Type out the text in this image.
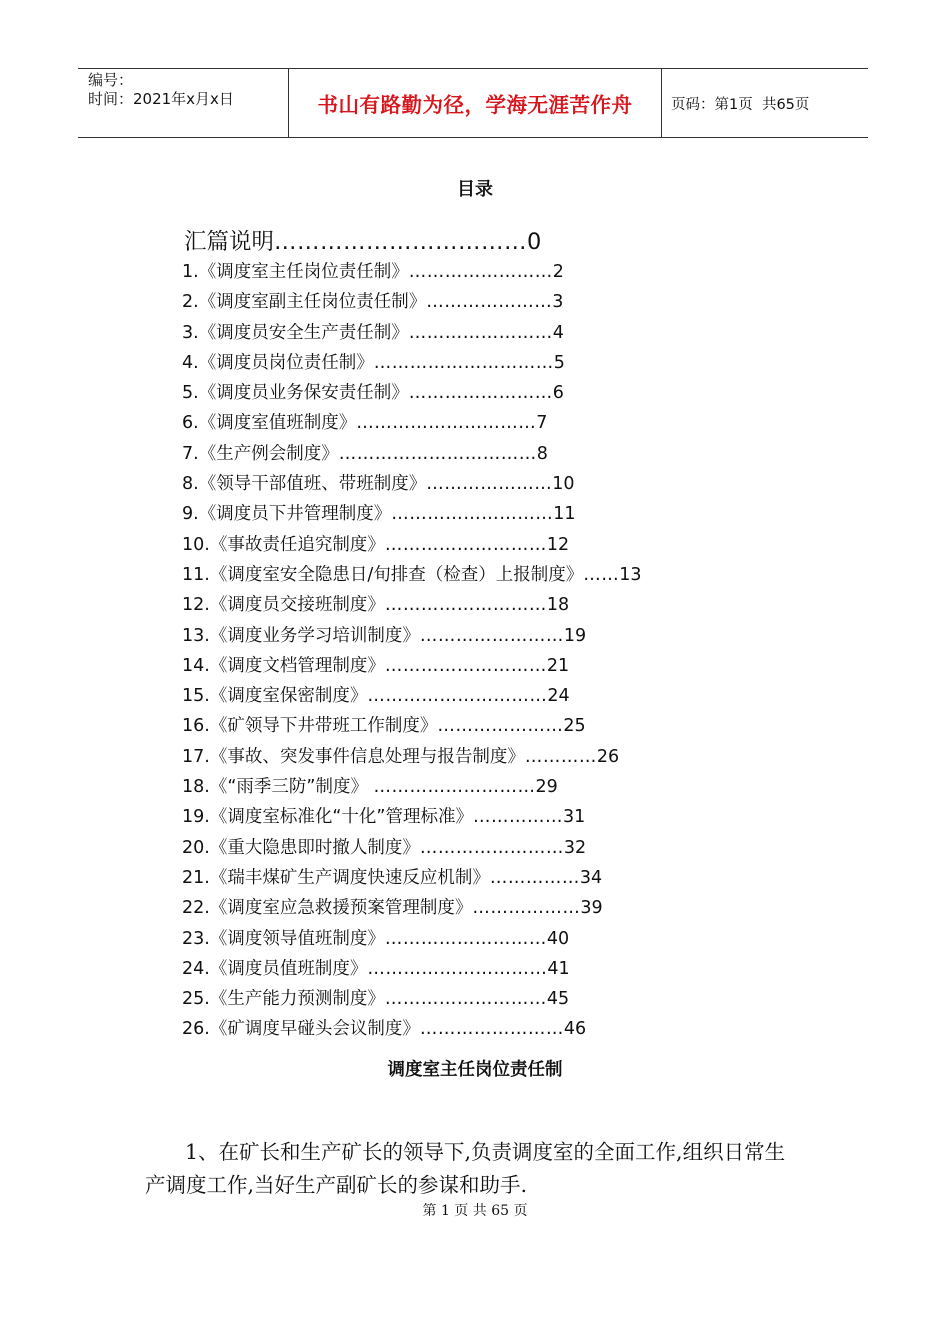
编号：
时间：2021年x月x日	书山有路勤为径，学海无涯苦作舟	页码：第1页  共65页
目录
汇篇说明……………………………0
1.《调度室主任岗位责任制》……………………2
2.《调度室副主任岗位责任制》…………………3
3.《调度员安全生产责任制》……………………4
4.《调度员岗位责任制》…………………………5
5.《调度员业务保安责任制》……………………6
6.《调度室值班制度》…………………………7
7.《生产例会制度》……………………………8
8.《领导干部值班、带班制度》…………………10
9.《调度员下井管理制度》………………………11
10.《事故责任追究制度》………………………12
11.《调度室安全隐患日/旬排查（检查）上报制度》……13
12.《调度员交接班制度》………………………18
13.《调度业务学习培训制度》……………………19
14.《调度文档管理制度》………………………21
15.《调度室保密制度》…………………………24
16.《矿领导下井带班工作制度》…………………25
17.《事故、突发事件信息处理与报告制度》…………26
18.《“雨季三防”制度》 ………………………29
19.《调度室标准化“十化”管理标准》……………31
20.《重大隐患即时撤人制度》……………………32
21.《瑞丰煤矿生产调度快速反应机制》……………34
22.《调度室应急救援预案管理制度》………………39
23.《调度领导值班制度》………………………40
24.《调度员值班制度》…………………………41
25.《生产能力预测制度》………………………45
26.《矿调度早碰头会议制度》……………………46
调度室主任岗位责任制

1、在矿长和生产矿长的领导下,负责调度室的全面工作,组织日常生产调度工作,当好生产副矿长的参谋和助手.

第 1 页 共 65 页
